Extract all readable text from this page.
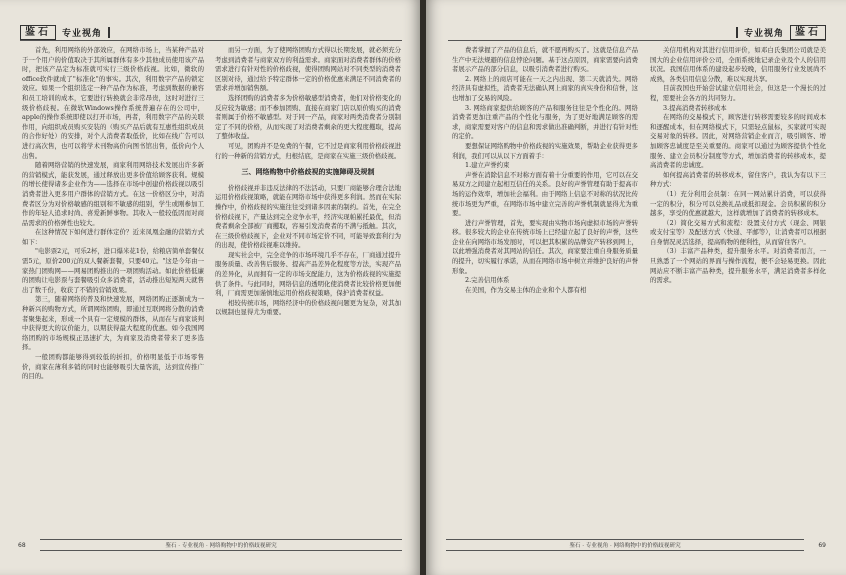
鉴石	专业视角

首先，利用网络的外部效应，在网络市场上，当某种产品对于一个用户的价值取决于其所属群体有多少其他成员使用该产品时，把该产品定为标准就可实行三级价格歧视。比如，微软的office软件就成了"标准化"的事实。其次，利用数字产品的锁定效应。如果一个组织选定一种产品作为标准，考虑到数据的兼容和员工培训的成本，它要进行转换就会非常昂贵，这时对进行三级价格歧视。在微软Windows操作系统普遍存在的公司中，apple的操作系统即使以打开市场，再者，利用数字产品的关联作用，向组织成员购买安装的（购买产品后就有互惠性组织成员的合作好处）的安排，对个人消费者取低价，比如在线广告可以进行高次售，也可以将学术刊物高价向图书馆出售，低价向个人出售。

随着网络营销的快速发展，商家利用网络技术发展出许多新的营销模式，能获发展，通过释放出更多价值给顾客获利。规模的增长使得诸多企业作为——选择在市场中创建价格歧视以吸引消费者进入更多用户群体的营销方式。在这一价格区分中，对消费者区分为对价格敏感的组别和不敏感的组别，学生或刚参加工作的年轻人追求时尚、喜爱新鲜事物。其收入一般较低因而对商品需求的价格弹性也较大。

在这种情况下如何进行群体定价？近来凤凰金融的营销方式如下：

"电影票2元，可乐2杯，进口爆米花1份，给粮店简单套餐仅需5元，原价200元的双人餐新套餐，只要40元。"这是今年由一家热门团购网——网易团购推出的一项团购活动。如此价格低廉的团购让电影票与套餐吸引众多消费者，活动推出短短两天就售出了数千份，收获了不错的营销效果。

第三，随着网络的普及和快速发展，网络团购正逐渐成为一种新兴的购物方式，所谓网络团购，即通过互联网将分散的消费者聚集起来，形成一个具有一定规模的群体，从而在与商家谈判中获得更大的议价能力，以期获得最大程度的优惠。如今我国网络团购的市场规模正迅速扩大，为商家及消费者带来了更多选择。

一般团购都能够得到较低的折扣，价格明显低于市场零售价，商家在薄利多销的同时也能够吸引大量客流，达到宣传推广的目的。

而另一方面，为了使网络团购方式得以长期发展，就必须充分考虑到消费者与商家双方的利益需求。商家面对消费者群体的价格需求进行有针对性的价格歧视，使得团购网站对不同类型的消费者区别对待，通过给予特定群体一定的价格优惠来满足不同消费者的需求并增加销售额。

选择团购的消费者多为价格敏感型消费者，他们对价格变化的反应较为敏感；而不参加团购、直接在商家门店以原价购买的消费者则属于价格不敏感型。对于同一产品，商家对两类消费者分别制定了不同的价格，从而实现了对消费者剩余的更大程度攫取，提高了整体收益。

可见，团购并不是免费的午餐，它不过是商家利用价格歧视进行的一种新的营销方式，归根结底，是商家在实施三级价格歧视。

三、网络购物中价格歧视的实施障碍及规制

价格歧视并非违反法律的不法活动，只要厂商能够合理合法地运用价格歧视策略，就能在网络市场中获得更多利润。然而在实际操作中，价格歧视的实施往往受到诸多因素的制约。首先，在完全价格歧视下，产量达到完全竞争水平，经济实现帕累托最优，但消费者剩余全部被厂商攫取，容易引发消费者的不满与抵触。其次，在三级价格歧视下，企业对不同市场定价不同，可能导致套利行为的出现，使价格歧视难以维持。

现实社会中，完全竞争的市场环境几乎不存在，厂商通过提升服务质量、改善售后服务、提高产品差异化程度等方法，实现产品的差异化，从而拥有一定的市场支配能力，这为价格歧视的实施提供了条件。与此同时，网络信息的透明化使消费者比较价格更加便利，厂商需更加谨慎地运用价格歧视策略，保护消费者权益。

相较传统市场，网络经济中的价格歧视问题更为复杂，对其加以规制也显得尤为重要。

68	鉴石 · 专业视角 · 网络购物中的价格歧视研究
专业视角	鉴石

费者掌握了产品的信息后，就不愿再购买了。这就是信息产品生产中无法规避的信息悖论问题。基于这点原因，商家需要向消费者展示产品的部分信息，以吸引消费者进行购买。

2. 网络上的商店可能在一天之内出现、第二天就消失。网络经济具有虚拟性，消费者无法确认网上商家的真实身份和信誉，这也增加了交易的风险。

3. 网络商家提供给顾客的产品和服务往往是个性化的。网络消费者更加注重产品的个性化与服务，为了更好地满足顾客的需求，商家需要对客户的信息和需求做出准确判断，并进行有针对性的定价。

要想保证网络购物中价格歧视的实施效果，帮助企业获得更多利润，我们可以从以下方面着手：

1.建立声誉约束

声誉在消除信息不对称方面有着十分重要的作用，它可以在交易双方之间建立起相互信任的关系。良好的声誉管理有助于提高市场的运作效率，增加社会福利。由于网络上信息不对称的状况比传统市场更为严重，在网络市场中建立完善的声誉机制就显得尤为重要。

进行声誉管理，首先，要实现由实物市场向虚拟市场的声誉转移。很多较大的企业在传统市场上已经建立起了良好的声誉，这些企业在向网络市场发展时，可以把其积累的品牌资产转移到网上，以此增强消费者对其网站的信任。其次，商家要注重自身服务质量的提升，切实履行承诺，从而在网络市场中树立并维护良好的声誉形象。

2.完善信用体系

在美国，作为交易主体的企业和个人都有相

关信用机构对其进行信用评价，如邓白氏集团公司就是美国大的企业信用评价公司，全面系统地记录企业及个人的信用状况。我国信用体系的建设起步较晚，信用服务行业发展尚不成熟，各类信用信息分散，难以实现共享。

目前我国也开始尝试建立信用社会，但这是一个漫长的过程，需要社会各方的共同努力。

3.提高消费者转移成本

在网络的交易模式下，顾客进行转移需要较多的时间成本和逐醒成本，但在网络模式下，只需轻点鼠标，买家就可实现交易对象的转移。因此，对网络营销企业而言，吸引顾客、增加顾客忠诚度是至关重要的。商家可以通过为顾客提供个性化服务、建立会员积分制度等方式，增加消费者的转移成本，提高消费者的忠诚度。

如何提高消费者的转移成本，留住客户，我认为有以下三种方式：

（1）充分利用会员制：在同一网站累计消费，可以获得一定的积分，积分可以兑换礼品或抵扣现金。会员积累的积分越多，享受的优惠就越大，这样就增加了消费者的转移成本。

（2）简化交易方式和流程：设置支付方式（现金、网银或支付宝等）及配送方式（快递、平邮等），让消费者可以根据自身情况灵活选择，提高购物的便利性，从而留住客户。

（3）丰富产品种类，提升服务水平。对消费者而言，一旦熟悉了一个网站的界面与操作流程，便不会轻易更换。因此网站应不断丰富产品种类，提升服务水平，满足消费者多样化的需求。

鉴石 · 专业视角 · 网络购物中的价格歧视研究	69
